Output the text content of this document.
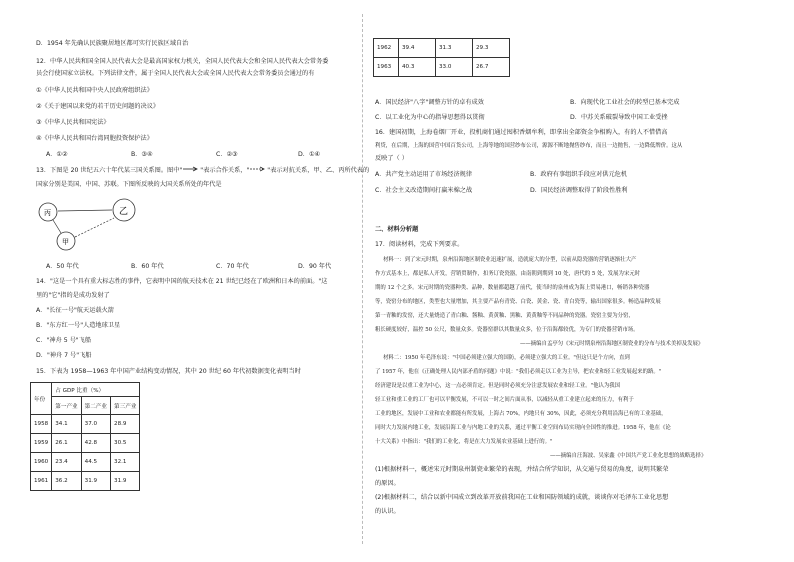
D．1954 年先确认民族聚居地区都可实行民族区域自治
12．中华人民共和国全国人民代表大会是最高国家权力机关，全国人民代表大会和全国人民代表大会常务委
员会行使国家立法权。下列法律文件，属于全国人民代表大会或全国人民代表大会常务委员会通过的有
①《中华人民共和国中央人民政府组织法》
②《关于建国以来党的若干历史问题的决议》
③《中华人民共和国宪法》
④《中华人民共和国台湾同胞投资保护法》
A．①②	B．③④	C．②③	D．①④
13．下图是 20 世纪五六十年代某三国关系图。图中"	"表示合作关系，"	"表示对抗关系，甲、乙、丙所代表的
国家分别是美国、中国、苏联。下图所反映的大国关系所处的年代是
丙	乙
甲
A．50 年代	B．60 年代	C．70 年代	D．90 年代
14．"这是一个具有重大标志性的事件，它表明中国的航天技术在 21 世纪已经在了欧洲和日本的前面。"这
里的"它"指的是成功发射了
A．"长征一号"航天运载火箭
B．"东方红一号"人造地球卫星
C．"神舟 5 号"飞船
D．"神舟 7 号"飞船
15．下表为 1958—1963 年中国产业结构变动情况，其中 20 世纪 60 年代初数据变化表明当时
年份	占 GDP 比重（%）		
	第一产业	第二产业	第三产业
1958	34.1	37.0	28.9
1959	26.1	42.8	30.5
1960	23.4	44.5	32.1
1961	36.2	31.9	31.9
1962	39.4	31.3	29.3
1963	40.3	33.0	26.7
A．国民经济"八字"调整方针的卓有成效	B．向现代化工业社会的转型已基本完成
C．以工业化为中心的指导思想得以贯彻	D．中苏关系破裂导致中国工业受挫
16．建国初期，上海卷烟厂开业，投机商们通过囤积香烟牟利，即拿出全部资金争相购入，有的人不惜借高
利贷，在后期，上海的国营中国百货公司，上海等地的国营纱布公司，源源不断地抛售纱布，而且一边抛售，一边降低牌价。这从
反映了（ ）
A．共产党主动运用了市场经济规律	B．政府有事组织手段应对供元危机
C．社会主义改造期间打赢米棉之战	D．国民经济调整取得了阶段性胜利
二、材料分析题
17．阅读材料，完成下列要求。
材料一：到了宋元时期，泉州沿海地区制瓷业迅速扩展，造就庞大的分型，以前从隐瓷器的营销逐渐壮大产
作方式基本上，都是私人开发，营销贸制作，扣务订瓷瓷器，由南朝到期到 10 处，唐代的 5 处，发展为宋元时
期的 12 个之多。宋元时期的瓷器种类、品种，数量都超越了前代，使当时的泉州成为海上贸易港口，畅销各种瓷器
等，瓷窑分布的地区，类型也大量增加，其主要产品有青瓷、白瓷、黄金、瓷、青白瓷等，输出国家很多。畅造品种发展
第一青釉的发窑，还大量烧造了青白釉、酱釉、黄黄釉、黑釉、黄黄釉等不同品种的瓷器。瓷窑主要为分窑，
粗长硬度较好，温控 50 公尺，数量众多。瓷器窑群以其数量众多，位于沿海都较优，为专门的瓷器营销市场。
——摘编自孟亭匀《宋元时期泉州沿海地区制瓷业的分布与技术美掉及发展》
材料二：1950 年毛泽东说："中国必须建立强大的国防，必须建立强大的工业。"但这只是个方向，直到
了 1957 年，他在《正确处理人民内部矛盾的问题》中说："我们必须走以工业为主导，把农业和轻工业发展起来的路。"
经济建设是以重工业为中心，这一点必须肯定。但是同时必须充分注意发展农业和轻工业。"他认为我国
轻工业和重工业的工厂也可以平衡发展，不可以一时之间片面从事，以减轻从重工业建立起来的压力，有利于
工业的地区，发展中工业和农业都能有所发展，上海占 70%，内地只有 30%，因此，必须充分利用沿海已有的工业基础，
同时大力发展内地工业，发展沿海工业与内地工业的关系，通过平衡工业空间布局实现向全国性的推进。1958 年，他在《论
十大关系》中指出："我们的工业化，将是在大力发展农业基础上进行的。"
——摘编自汪海波、吴家鑫《中国共产党工业化思想的战略选择》
(1)根据材料一，概述宋元时期泉州制瓷业繁荣的表现，并结合所学知识，从交通与贸易的角度，说明其繁荣
的原因。
(2)根据材料二，结合以新中国成立到改革开放前我国在工业和国防领域的成就，谈谈你对毛泽东工业化思想
的认识。
